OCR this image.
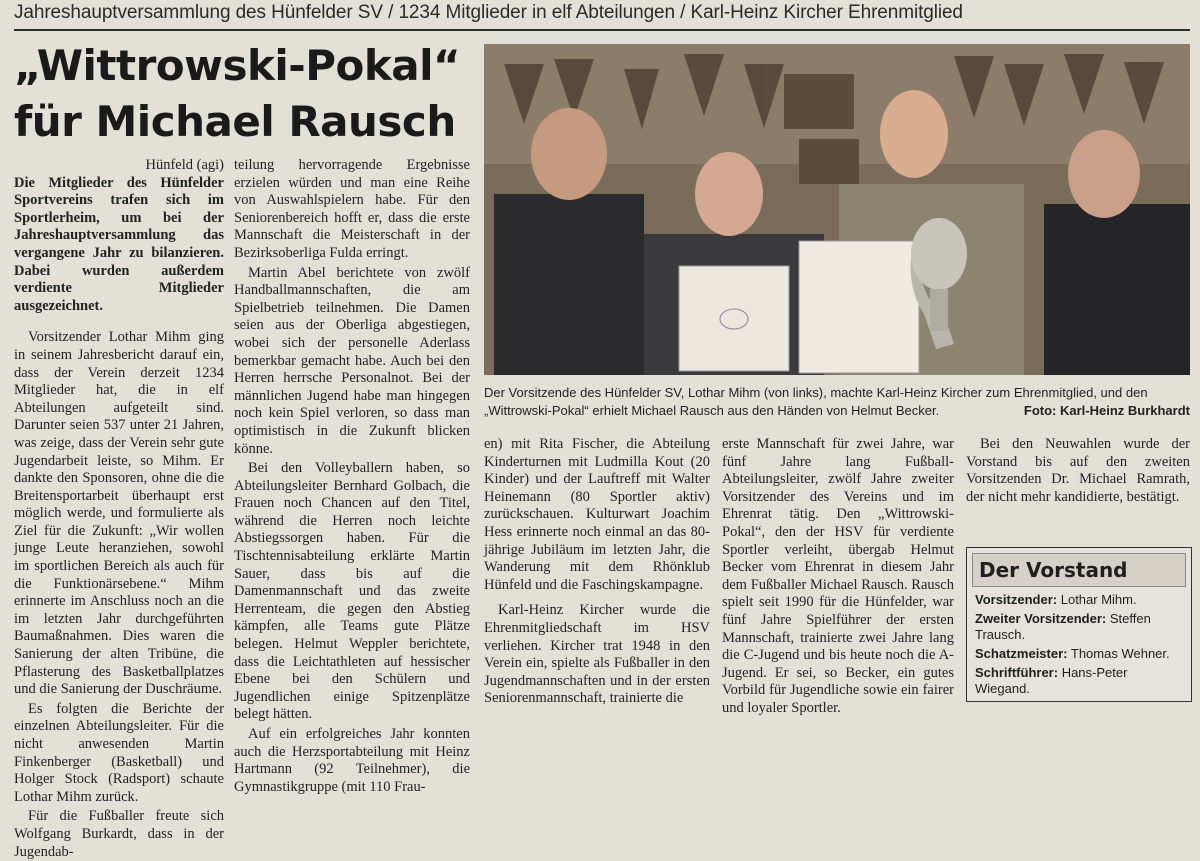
Jahreshauptversammlung des Hünfelder SV / 1234 Mitglieder in elf Abteilungen / Karl-Heinz Kircher Ehrenmitglied
„Wittrowski-Pokal“
für Michael Rausch
Hünfeld (agi)

Die Mitglieder des Hünfelder Sportvereins trafen sich im Sportlerheim, um bei der Jahreshauptversammlung das vergangene Jahr zu bilanzieren. Dabei wurden außerdem verdiente Mitglieder ausgezeichnet.

Vorsitzender Lothar Mihm ging in seinem Jahresbericht darauf ein, dass der Verein derzeit 1234 Mitglieder hat, die in elf Abteilungen aufgeteilt sind. Darunter seien 537 unter 21 Jahren, was zeige, dass der Verein sehr gute Jugendarbeit leiste, so Mihm. Er dankte den Sponsoren, ohne die die Breitensportarbeit überhaupt erst möglich werde, und formulierte als Ziel für die Zukunft: „Wir wollen junge Leute heranziehen, sowohl im sportlichen Bereich als auch für die Funktionärsebene.“ Mihm erinnerte im Anschluss noch an die im letzten Jahr durchgeführten Baumaßnahmen. Dies waren die Sanierung der alten Tribüne, die Pflasterung des Basketballplatzes und die Sanierung der Duschräume.

Es folgten die Berichte der einzelnen Abteilungsleiter. Für die nicht anwesenden Martin Finkenberger (Basketball) und Holger Stock (Radsport) schaute Lothar Mihm zurück.

Für die Fußballer freute sich Wolfgang Burkardt, dass in der Jugendab-

teilung hervorragende Ergebnisse erzielen würden und man eine Reihe von Auswahlspielern habe. Für den Seniorenbereich hofft er, dass die erste Mannschaft die Meisterschaft in der Bezirksoberliga Fulda erringt.

Martin Abel berichtete von zwölf Handballmannschaften, die am Spielbetrieb teilnehmen. Die Damen seien aus der Oberliga abgestiegen, wobei sich der personelle Aderlass bemerkbar gemacht habe. Auch bei den Herren herrsche Personalnot. Bei der männlichen Jugend habe man hingegen noch kein Spiel verloren, so dass man optimistisch in die Zukunft blicken könne.

Bei den Volleyballern haben, so Abteilungsleiter Bernhard Golbach, die Frauen noch Chancen auf den Titel, während die Herren noch leichte Abstiegssorgen haben. Für die Tischtennisabteilung erklärte Martin Sauer, dass bis auf die Damenmannschaft und das zweite Herrenteam, die gegen den Abstieg kämpfen, alle Teams gute Plätze belegen. Helmut Weppler berichtete, dass die Leichtathleten auf hessischer Ebene bei den Schülern und Jugendlichen einige Spitzenplätze belegt hätten.

Auf ein erfolgreiches Jahr konnten auch die Herzsportabteilung mit Heinz Hartmann (92 Teilnehmer), die Gymnastikgruppe (mit 110 Frau-

Der Vorsitzende des Hünfelder SV, Lothar Mihm (von links), machte Karl-Heinz Kircher zum Ehrenmitglied, und den „Wittrowski-Pokal“ erhielt Michael Rausch aus den Händen von Helmut Becker.	Foto: Karl-Heinz Burkhardt

en) mit Rita Fischer, die Abteilung Kinderturnen mit Ludmilla Kout (20 Kinder) und der Lauftreff mit Walter Heinemann (80 Sportler aktiv) zurückschauen. Kulturwart Joachim Hess erinnerte noch einmal an das 80-jährige Jubiläum im letzten Jahr, die Wanderung mit dem Rhönklub Hünfeld und die Faschingskampagne.

Karl-Heinz Kircher wurde die Ehrenmitgliedschaft im HSV verliehen. Kircher trat 1948 in den Verein ein, spielte als Fußballer in den Jugendmannschaften und in der ersten Seniorenmannschaft, trainierte die

erste Mannschaft für zwei Jahre, war fünf Jahre lang Fußball-Abteilungsleiter, zwölf Jahre zweiter Vorsitzender des Vereins und im Ehrenrat tätig. Den „Wittrowski-Pokal“, den der HSV für verdiente Sportler verleiht, übergab Helmut Becker vom Ehrenrat in diesem Jahr dem Fußballer Michael Rausch. Rausch spielt seit 1990 für die Hünfelder, war fünf Jahre Spielführer der ersten Mannschaft, trainierte zwei Jahre lang die C-Jugend und bis heute noch die A-Jugend. Er sei, so Becker, ein gutes Vorbild für Jugendliche sowie ein fairer und loyaler Sportler.

Bei den Neuwahlen wurde der Vorstand bis auf den zweiten Vorsitzenden Dr. Michael Ramrath, der nicht mehr kandidierte, bestätigt.

Der Vorstand
Vorsitzender: Lothar Mihm.
Zweiter Vorsitzender: Steffen Trausch.
Schatzmeister: Thomas Wehner.
Schriftführer: Hans-Peter Wiegand.
